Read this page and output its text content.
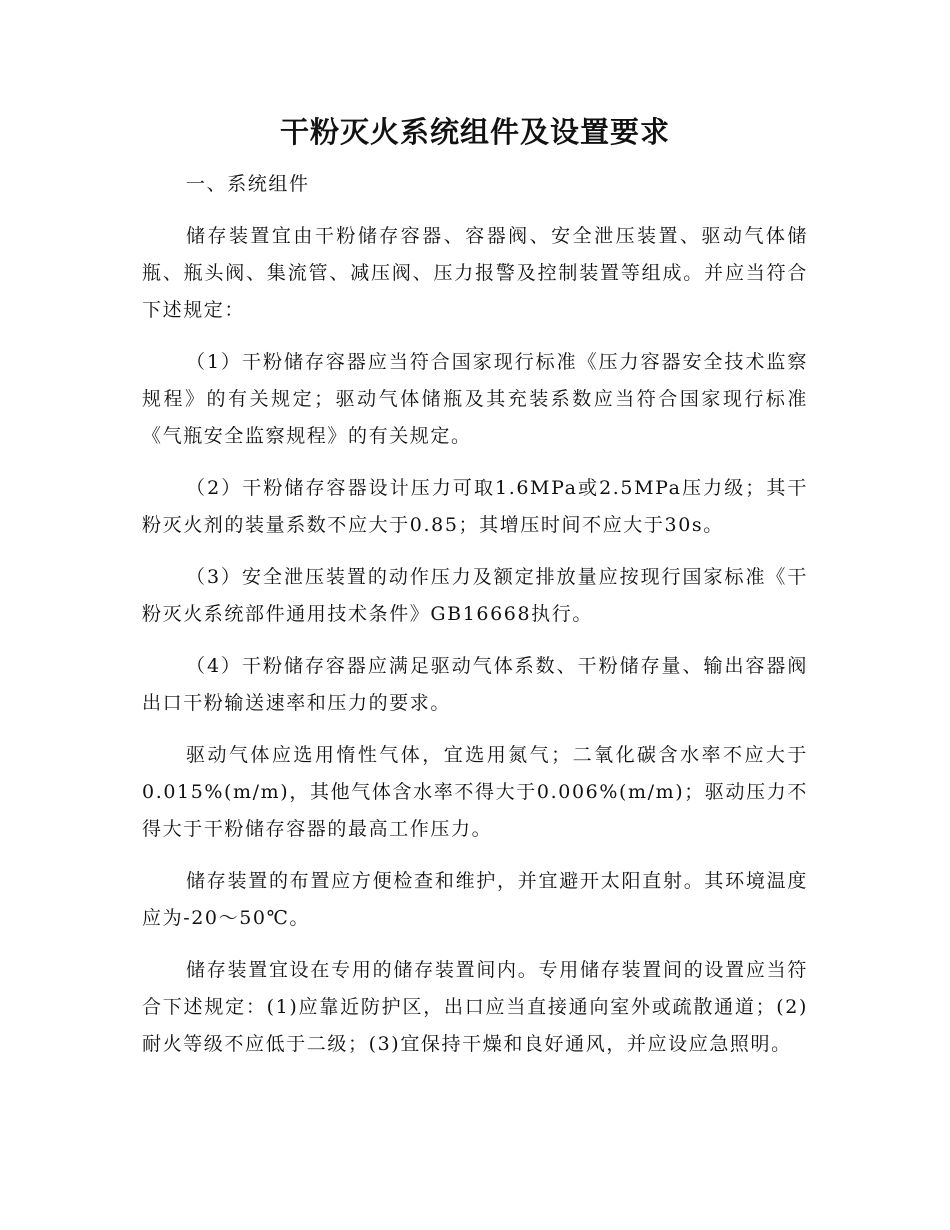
干粉灭火系统组件及设置要求

一、系统组件

储存装置宜由干粉储存容器、容器阀、安全泄压装置、驱动气体储瓶、瓶头阀、集流管、减压阀、压力报警及控制装置等组成。并应当符合下述规定：

（1）干粉储存容器应当符合国家现行标准《压力容器安全技术监察规程》的有关规定；驱动气体储瓶及其充装系数应当符合国家现行标准《气瓶安全监察规程》的有关规定。

（2）干粉储存容器设计压力可取1.6MPa或2.5MPa压力级；其干粉灭火剂的装量系数不应大于0.85；其增压时间不应大于30s。

（3）安全泄压装置的动作压力及额定排放量应按现行国家标准《干粉灭火系统部件通用技术条件》GB16668执行。

（4）干粉储存容器应满足驱动气体系数、干粉储存量、输出容器阀出口干粉输送速率和压力的要求。

驱动气体应选用惰性气体，宜选用氮气；二氧化碳含水率不应大于0.015%(m/m)，其他气体含水率不得大于0.006%(m/m)；驱动压力不得大于干粉储存容器的最高工作压力。

储存装置的布置应方便检查和维护，并宜避开太阳直射。其环境温度应为-20～50℃。

储存装置宜设在专用的储存装置间内。专用储存装置间的设置应当符合下述规定：(1)应靠近防护区，出口应当直接通向室外或疏散通道；(2)耐火等级不应低于二级；(3)宜保持干燥和良好通风，并应设应急照明。
